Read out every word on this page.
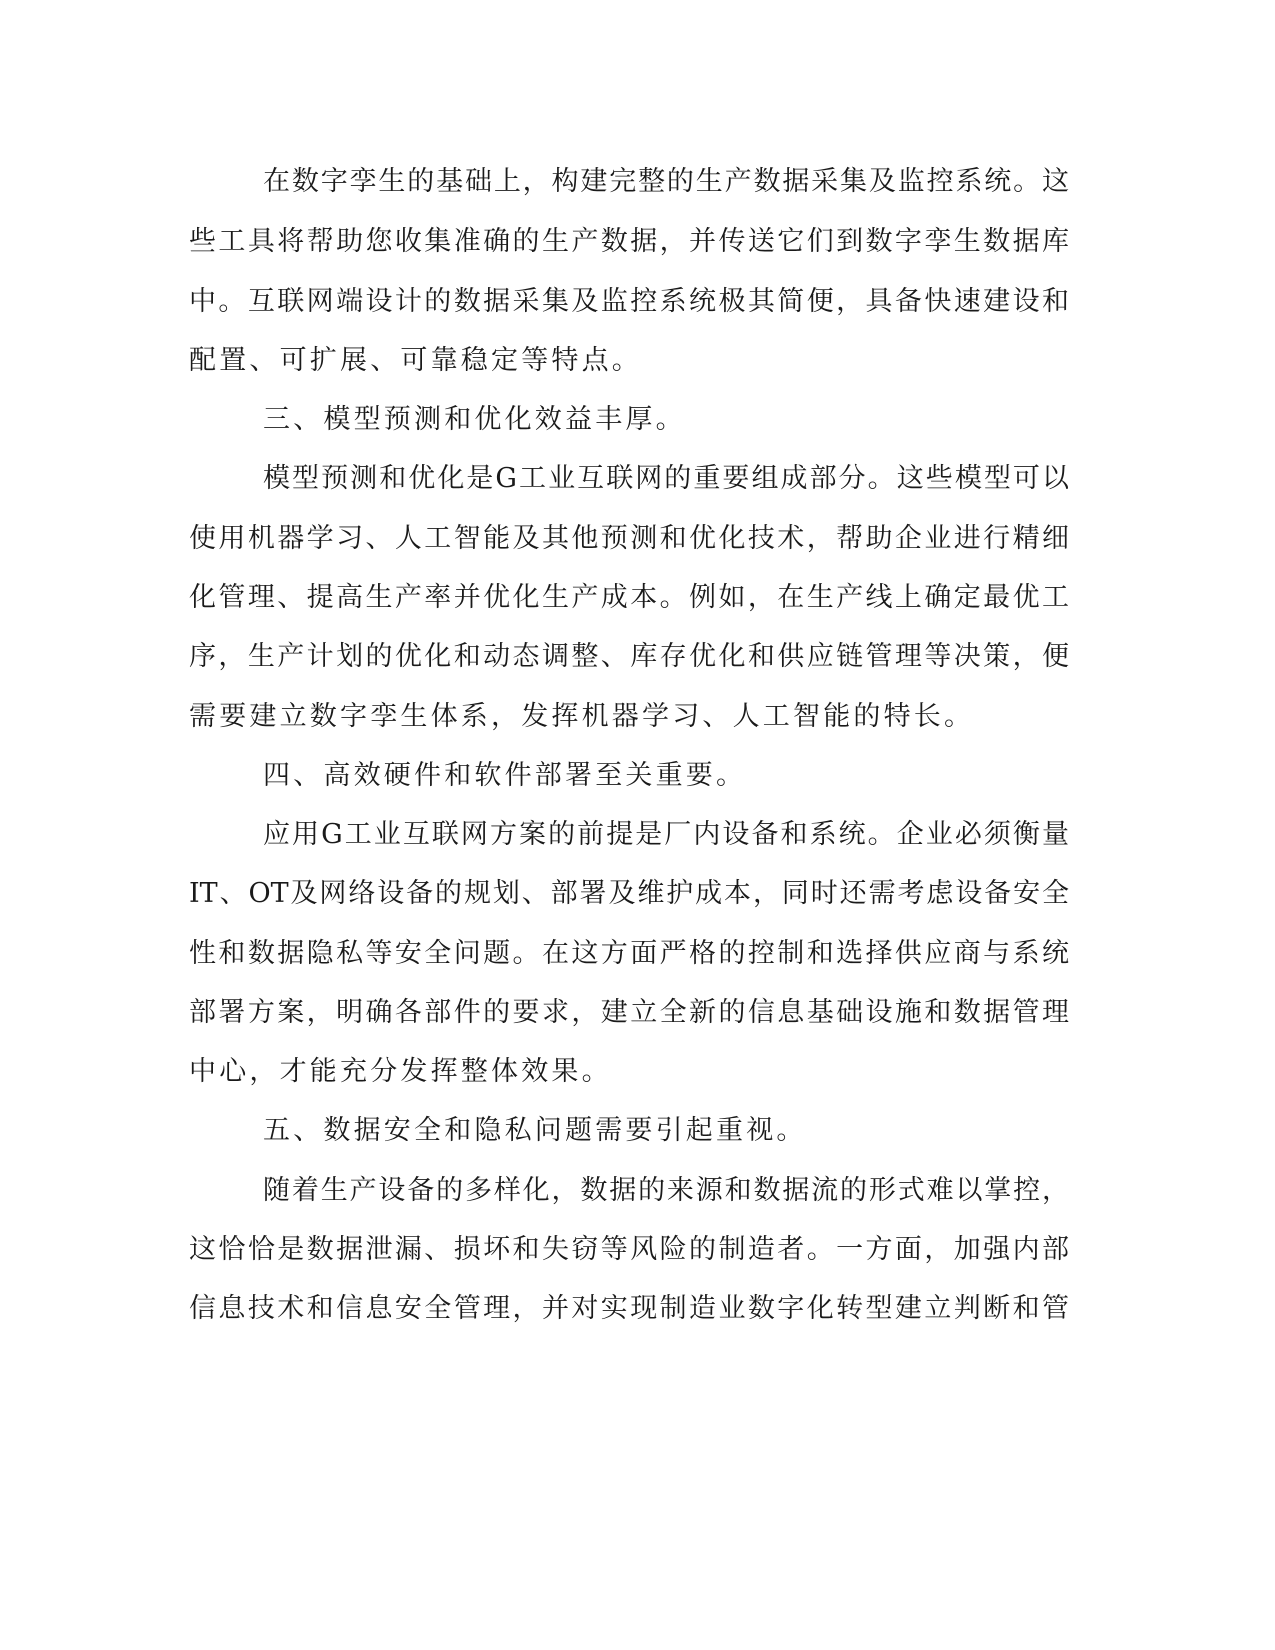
在数字孪生的基础上，构建完整的生产数据采集及监控系统。这
些工具将帮助您收集准确的生产数据，并传送它们到数字孪生数据库
中。互联网端设计的数据采集及监控系统极其简便，具备快速建设和
配置、可扩展、可靠稳定等特点。
三、模型预测和优化效益丰厚。
模型预测和优化是G工业互联网的重要组成部分。这些模型可以
使用机器学习、人工智能及其他预测和优化技术，帮助企业进行精细
化管理、提高生产率并优化生产成本。例如，在生产线上确定最优工
序，生产计划的优化和动态调整、库存优化和供应链管理等决策，便
需要建立数字孪生体系，发挥机器学习、人工智能的特长。
四、高效硬件和软件部署至关重要。
应用G工业互联网方案的前提是厂内设备和系统。企业必须衡量
IT、OT及网络设备的规划、部署及维护成本，同时还需考虑设备安全
性和数据隐私等安全问题。在这方面严格的控制和选择供应商与系统
部署方案，明确各部件的要求，建立全新的信息基础设施和数据管理
中心，才能充分发挥整体效果。
五、数据安全和隐私问题需要引起重视。
随着生产设备的多样化，数据的来源和数据流的形式难以掌控，
这恰恰是数据泄漏、损坏和失窃等风险的制造者。一方面，加强内部
信息技术和信息安全管理，并对实现制造业数字化转型建立判断和管
